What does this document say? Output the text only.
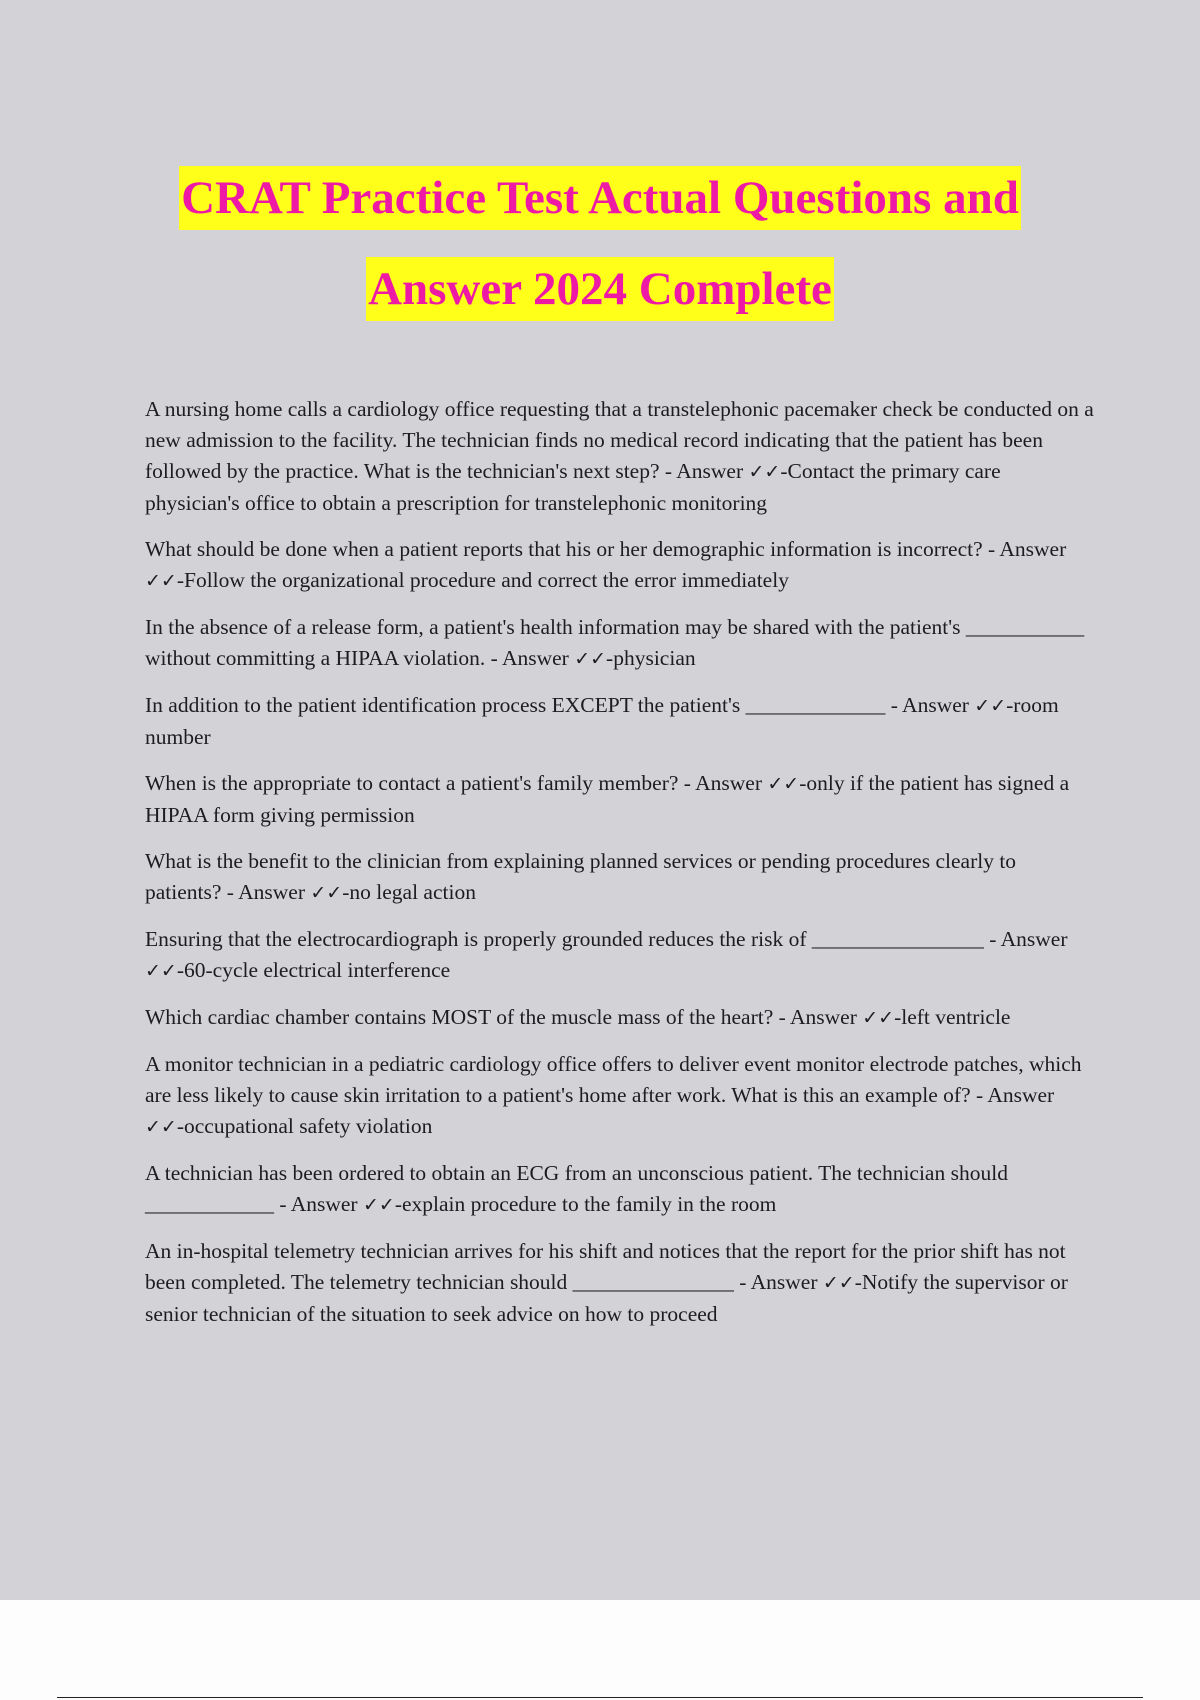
CRAT Practice Test Actual Questions and
Answer 2024 Complete

A nursing home calls a cardiology office requesting that a transtelephonic pacemaker check be conducted on a new admission to the facility. The technician finds no medical record indicating that the patient has been followed by the practice. What is the technician's next step? - Answer ✓✓-Contact the primary care physician's office to obtain a prescription for transtelephonic monitoring

What should be done when a patient reports that his or her demographic information is incorrect? - Answer ✓✓-Follow the organizational procedure and correct the error immediately

In the absence of a release form, a patient's health information may be shared with the patient's ___________ without committing a HIPAA violation. - Answer ✓✓-physician

In addition to the patient identification process EXCEPT the patient's _____________ - Answer ✓✓-room number

When is the appropriate to contact a patient's family member? - Answer ✓✓-only if the patient has signed a HIPAA form giving permission

What is the benefit to the clinician from explaining planned services or pending procedures clearly to patients? - Answer ✓✓-no legal action

Ensuring that the electrocardiograph is properly grounded reduces the risk of ________________ - Answer ✓✓-60-cycle electrical interference

Which cardiac chamber contains MOST of the muscle mass of the heart? - Answer ✓✓-left ventricle

A monitor technician in a pediatric cardiology office offers to deliver event monitor electrode patches, which are less likely to cause skin irritation to a patient's home after work. What is this an example of? - Answer ✓✓-occupational safety violation

A technician has been ordered to obtain an ECG from an unconscious patient. The technician should ____________ - Answer ✓✓-explain procedure to the family in the room

An in-hospital telemetry technician arrives for his shift and notices that the report for the prior shift has not been completed. The telemetry technician should _______________ - Answer ✓✓-Notify the supervisor or senior technician of the situation to seek advice on how to proceed
